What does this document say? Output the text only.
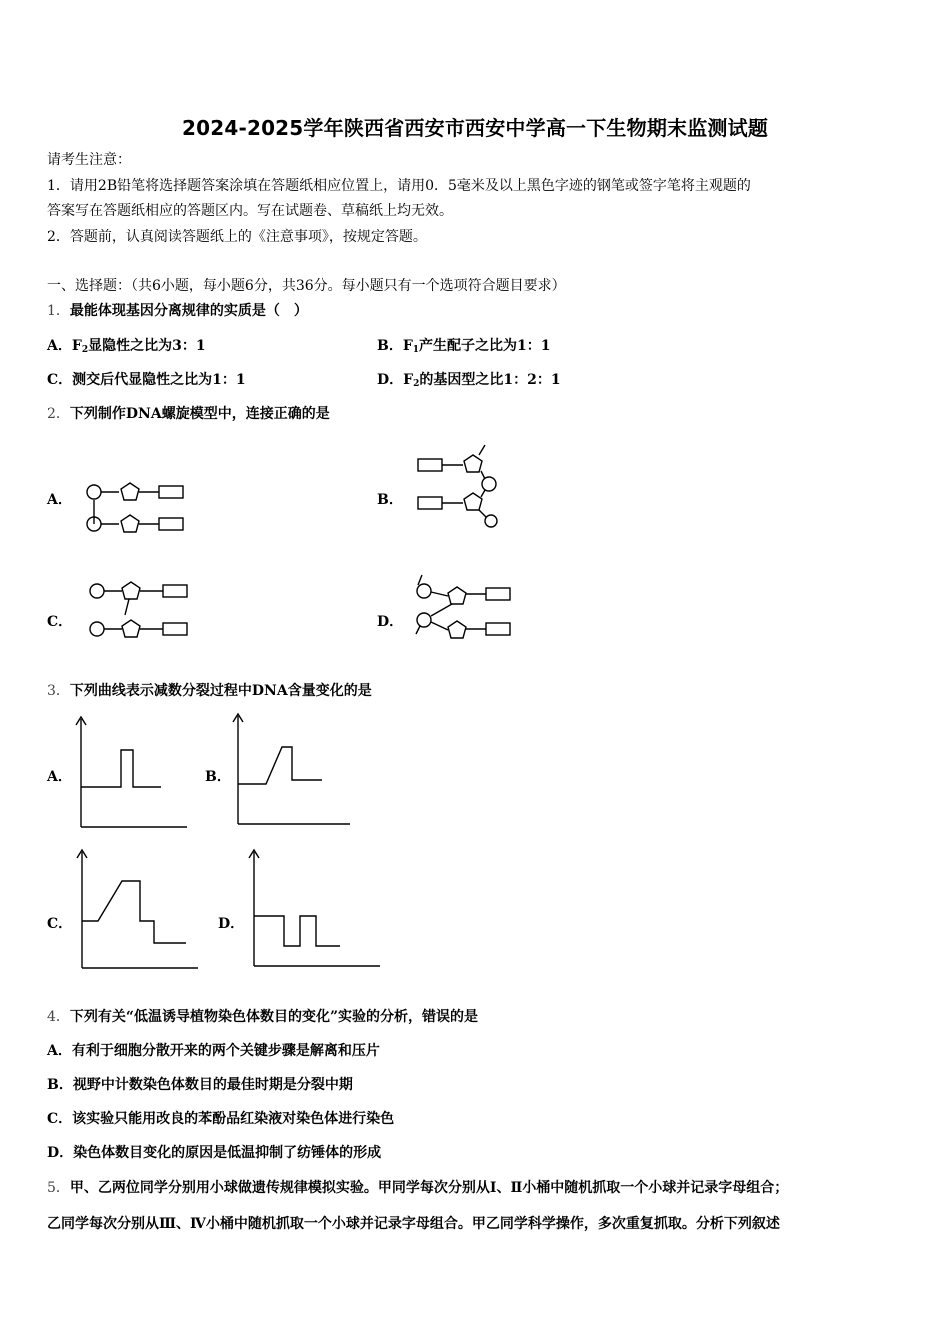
2024-2025学年陕西省西安市西安中学高一下生物期末监测试题
请考生注意：
1．请用2B铅笔将选择题答案涂填在答题纸相应位置上，请用0．5毫米及以上黑色字迹的钢笔或签字笔将主观题的
答案写在答题纸相应的答题区内。写在试题卷、草稿纸上均无效。
2．答题前，认真阅读答题纸上的《注意事项》，按规定答题。
一、选择题：（共6小题，每小题6分，共36分。每小题只有一个选项符合题目要求）
1．最能体现基因分离规律的实质是（　）
A．$F_2$显隐性之比为3：1	B．$F_1$产生配子之比为1：1
C．测交后代显隐性之比为1：1	D．$F_2$的基因型之比1：2：1
2．下列制作DNA螺旋模型中，连接正确的是
A．	B．
C．	D．
3．下列曲线表示减数分裂过程中DNA含量变化的是
A．	B．
C．	D．
4．下列有关“低温诱导植物染色体数目的变化”实验的分析，错误的是
A．有利于细胞分散开来的两个关键步骤是解离和压片
B．视野中计数染色体数目的最佳时期是分裂中期
C．该实验只能用改良的苯酚品红染液对染色体进行染色
D．染色体数目变化的原因是低温抑制了纺锤体的形成
5．甲、乙两位同学分别用小球做遗传规律模拟实验。甲同学每次分别从Ⅰ、Ⅱ小桶中随机抓取一个小球并记录字母组合；
乙同学每次分别从Ⅲ、Ⅳ小桶中随机抓取一个小球并记录字母组合。甲乙同学科学操作，多次重复抓取。分析下列叙述
